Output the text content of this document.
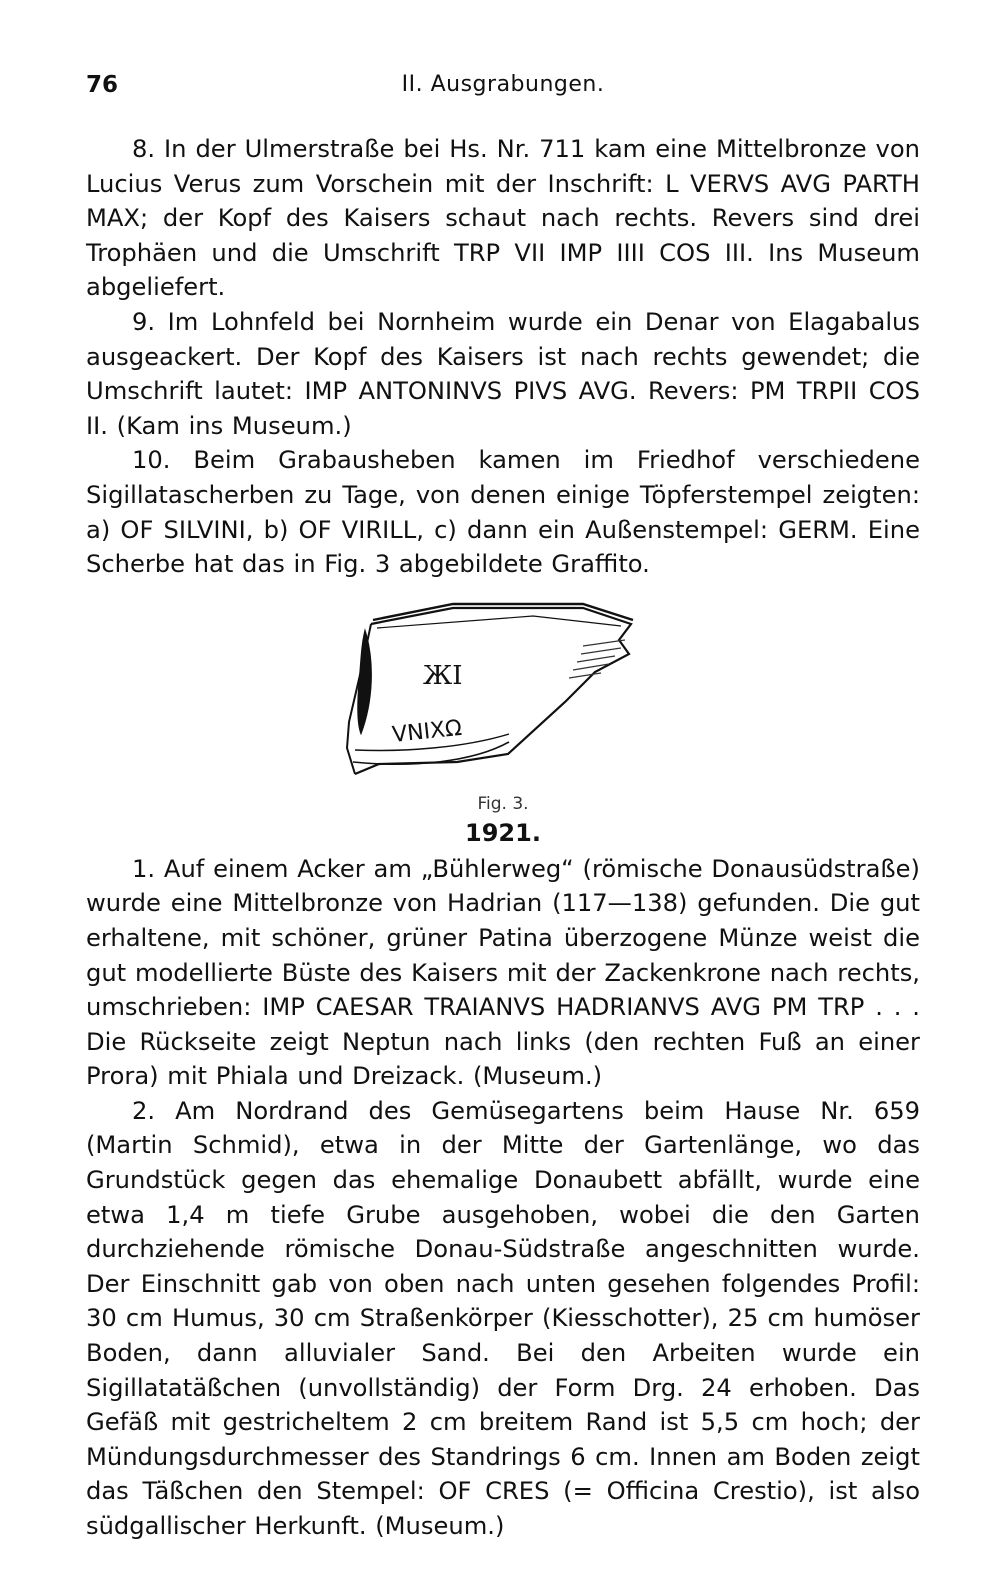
76	II. Ausgrabungen.

8. In der Ulmerstraße bei Hs. Nr. 711 kam eine Mittelbronze von Lucius Verus zum Vorschein mit der Inschrift: L VERVS AVG PARTH MAX; der Kopf des Kaisers schaut nach rechts. Revers sind drei Trophäen und die Umschrift TRP VII IMP IIII COS III. Ins Museum abgeliefert.

9. Im Lohnfeld bei Nornheim wurde ein Denar von Elagabalus ausgeackert. Der Kopf des Kaisers ist nach rechts gewendet; die Umschrift lautet: IMP ANTONINVS PIVS AVG. Revers: PM TRPII COS II. (Kam ins Museum.)

10. Beim Grabausheben kamen im Friedhof verschiedene Sigillatascherben zu Tage, von denen einige Töpferstempel zeigten: a) OF SILVINI, b) OF VIRILL, c) dann ein Außenstempel: GERM. Eine Scherbe hat das in Fig. 3 abgebildete Graffito.

ЖI
VNIXΩ
Fig. 3.

1921.

1. Auf einem Acker am „Bühlerweg“ (römische Donausüdstraße) wurde eine Mittelbronze von Hadrian (117—138) gefunden. Die gut erhaltene, mit schöner, grüner Patina überzogene Münze weist die gut modellierte Büste des Kaisers mit der Zackenkrone nach rechts, umschrieben: IMP CAESAR TRAIANVS HADRIANVS AVG PM TRP . . . Die Rückseite zeigt Neptun nach links (den rechten Fuß an einer Prora) mit Phiala und Dreizack. (Museum.)

2. Am Nordrand des Gemüsegartens beim Hause Nr. 659 (Martin Schmid), etwa in der Mitte der Gartenlänge, wo das Grundstück gegen das ehemalige Donaubett abfällt, wurde eine etwa 1,4 m tiefe Grube ausgehoben, wobei die den Garten durchziehende römische Donau-Südstraße angeschnitten wurde. Der Einschnitt gab von oben nach unten gesehen folgendes Profil: 30 cm Humus, 30 cm Straßenkörper (Kiesschotter), 25 cm humöser Boden, dann alluvialer Sand. Bei den Arbeiten wurde ein Sigillatatäßchen (unvollständig) der Form Drg. 24 erhoben. Das Gefäß mit gestricheltem 2 cm breitem Rand ist 5,5 cm hoch; der Mündungsdurchmesser des Standrings 6 cm. Innen am Boden zeigt das Täßchen den Stempel: OF CRES (= Officina Crestio), ist also südgallischer Herkunft. (Museum.)
